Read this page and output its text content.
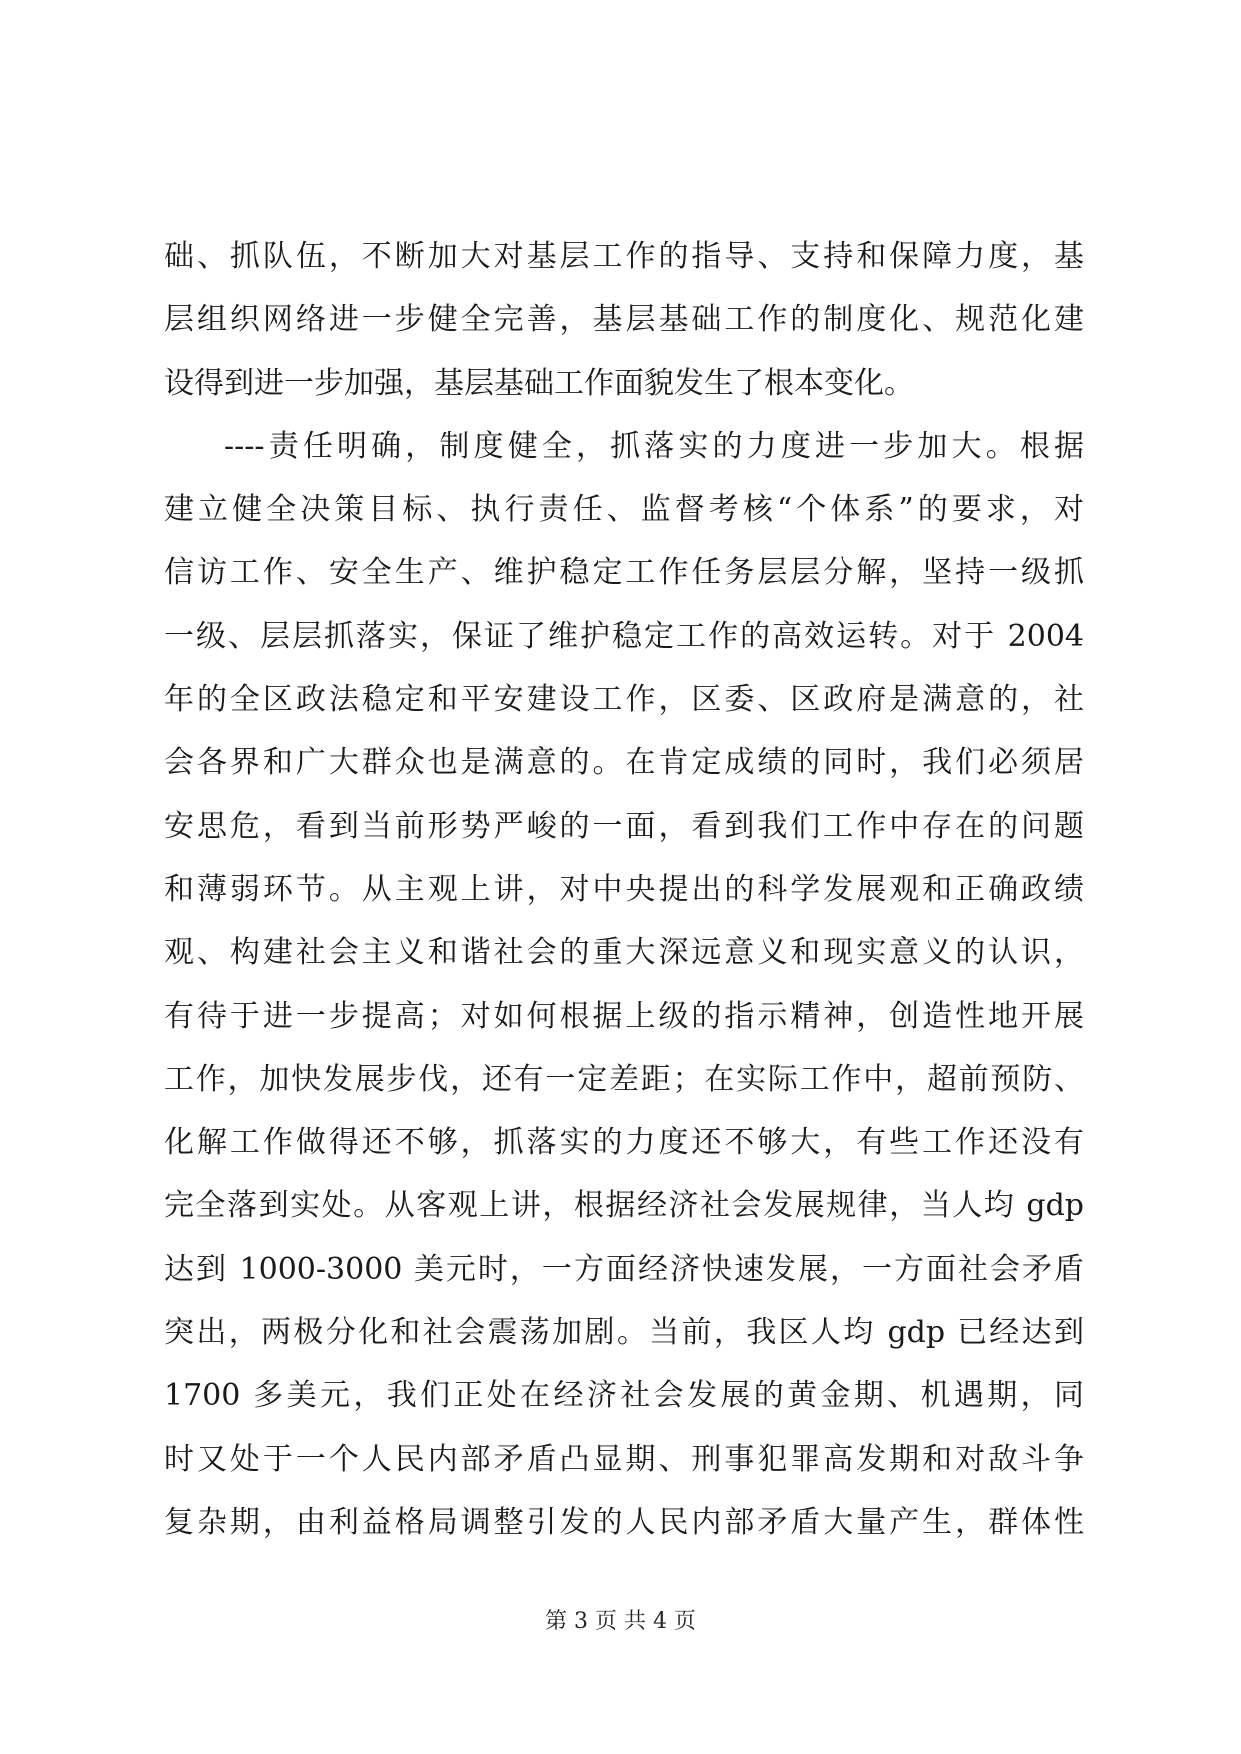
础、抓队伍，不断加大对基层工作的指导、支持和保障力度，基
层组织网络进一步健全完善，基层基础工作的制度化、规范化建
设得到进一步加强，基层基础工作面貌发生了根本变化。
----责任明确，制度健全，抓落实的力度进一步加大。根据
建立健全决策目标、执行责任、监督考核“个体系”的要求，对
信访工作、安全生产、维护稳定工作任务层层分解，坚持一级抓
一级、层层抓落实，保证了维护稳定工作的高效运转。对于 2004
年的全区政法稳定和平安建设工作，区委、区政府是满意的，社
会各界和广大群众也是满意的。在肯定成绩的同时，我们必须居
安思危，看到当前形势严峻的一面，看到我们工作中存在的问题
和薄弱环节。从主观上讲，对中央提出的科学发展观和正确政绩
观、构建社会主义和谐社会的重大深远意义和现实意义的认识，
有待于进一步提高；对如何根据上级的指示精神，创造性地开展
工作，加快发展步伐，还有一定差距；在实际工作中，超前预防、
化解工作做得还不够，抓落实的力度还不够大，有些工作还没有
完全落到实处。从客观上讲，根据经济社会发展规律，当人均 gdp
达到 1000-3000 美元时，一方面经济快速发展，一方面社会矛盾
突出，两极分化和社会震荡加剧。当前，我区人均 gdp 已经达到
1700 多美元，我们正处在经济社会发展的黄金期、机遇期，同
时又处于一个人民内部矛盾凸显期、刑事犯罪高发期和对敌斗争
复杂期，由利益格局调整引发的人民内部矛盾大量产生，群体性
第 3 页 共 4 页
